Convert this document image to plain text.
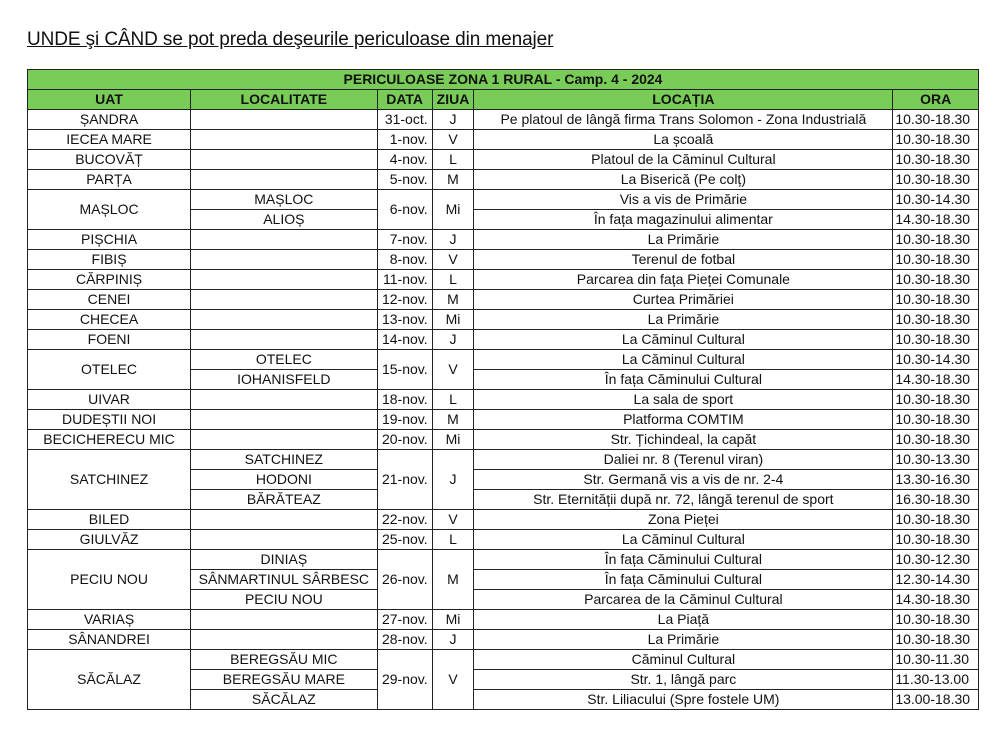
UNDE şi CÂND se pot preda deşeurile periculoase din menajer
PERICULOASE ZONA 1 RURAL - Camp. 4 - 2024					
UAT	LOCALITATE	DATA	ZIUA	LOCAȚIA	ORA
ȘANDRA		31-oct.	J	Pe platoul de lângă firma Trans Solomon - Zona Industrială	10.30-18.30
IECEA MARE		1-nov.	V	La școală	10.30-18.30
BUCOVĂȚ		4-nov.	L	Platoul de la Căminul Cultural	10.30-18.30
PARȚA		5-nov.	M	La Biserică (Pe colț)	10.30-18.30
MAȘLOC	MAȘLOC	6-nov.	Mi	Vis a vis de Primărie	10.30-14.30
	ALIOȘ			În fața magazinului alimentar	14.30-18.30
PIȘCHIA		7-nov.	J	La Primărie	10.30-18.30
FIBIȘ		8-nov.	V	Terenul de fotbal	10.30-18.30
CĂRPINIȘ		11-nov.	L	Parcarea din fața Pieței Comunale	10.30-18.30
CENEI		12-nov.	M	Curtea Primăriei	10.30-18.30
CHECEA		13-nov.	Mi	La Primărie	10.30-18.30
FOENI		14-nov.	J	La Căminul Cultural	10.30-18.30
OTELEC	OTELEC	15-nov.	V	La Căminul Cultural	10.30-14.30
	IOHANISFELD			În fața Căminului Cultural	14.30-18.30
UIVAR		18-nov.	L	La sala de sport	10.30-18.30
DUDEȘTII NOI		19-nov.	M	Platforma COMTIM	10.30-18.30
BECICHERECU MIC		20-nov.	Mi	Str. Țichindeal, la capăt	10.30-18.30
SATCHINEZ	SATCHINEZ	21-nov.	J	Daliei nr. 8 (Terenul viran)	10.30-13.30
	HODONI			Str. Germană vis a vis de nr. 2-4	13.30-16.30
	BĂRĂTEAZ			Str. Eternității după nr. 72, lângă terenul de sport	16.30-18.30
BILED		22-nov.	V	Zona Pieței	10.30-18.30
GIULVĂZ		25-nov.	L	La Căminul Cultural	10.30-18.30
PECIU NOU	DINIAȘ	26-nov.	M	În fața Căminului Cultural	10.30-12.30
	SÂNMARTINUL SÂRBESC			În fața Căminului Cultural	12.30-14.30
	PECIU NOU			Parcarea de la Căminul Cultural	14.30-18.30
VARIAȘ		27-nov.	Mi	La Piață	10.30-18.30
SÂNANDREI		28-nov.	J	La Primărie	10.30-18.30
SĂCĂLAZ	BEREGSĂU MIC	29-nov.	V	Căminul Cultural	10.30-11.30
	BEREGSĂU MARE			Str. 1, lângă parc	11.30-13.00
	SĂCĂLAZ			Str. Liliacului (Spre fostele UM)	13.00-18.30
